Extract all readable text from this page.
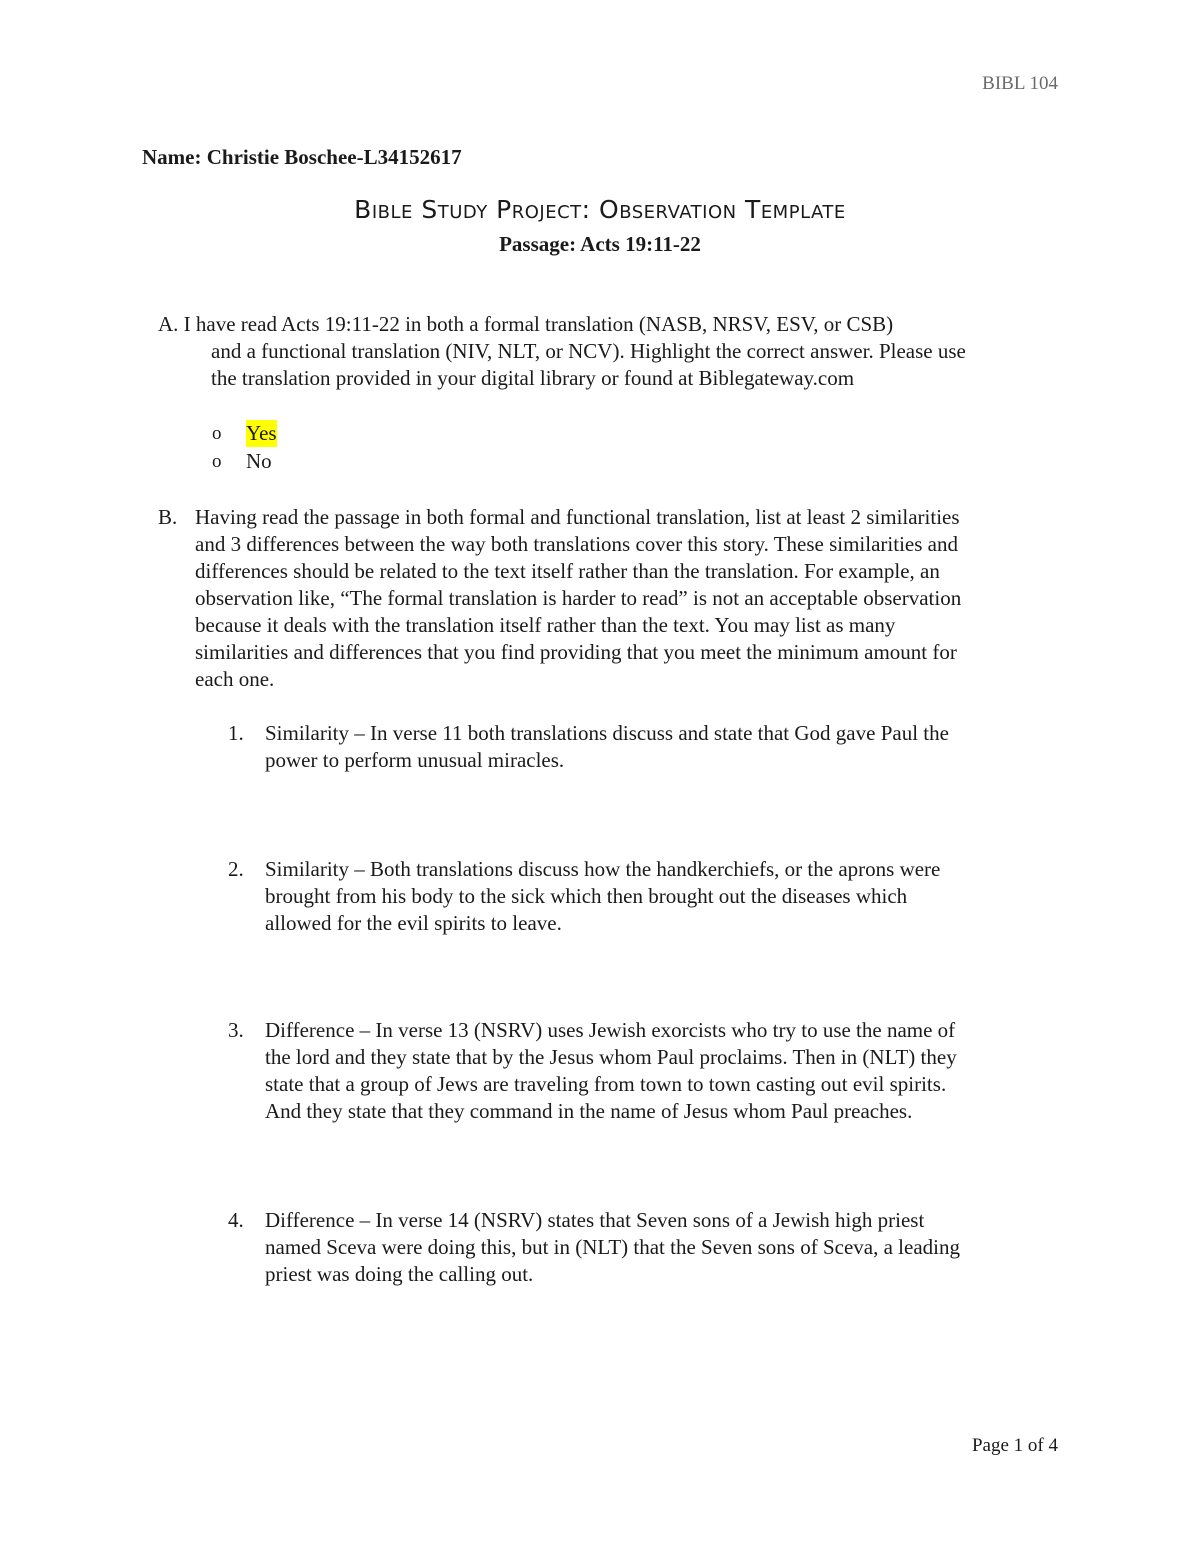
BIBL 104
Name: Christie Boschee-L34152617
Bible Study Project: Observation Template
Passage: Acts 19:11-22
A. I have read Acts 19:11-22 in both a formal translation (NASB, NRSV, ESV, or CSB)
and a functional translation (NIV, NLT, or NCV). Highlight the correct answer. Please use
the translation provided in your digital library or found at Biblegateway.com
o	Yes
o	No
B. Having read the passage in both formal and functional translation, list at least 2 similarities
and 3 differences between the way both translations cover this story. These similarities and
differences should be related to the text itself rather than the translation. For example, an
observation like, “The formal translation is harder to read” is not an acceptable observation
because it deals with the translation itself rather than the text. You may list as many
similarities and differences that you find providing that you meet the minimum amount for
each one.
1.	Similarity – In verse 11 both translations discuss and state that God gave Paul the
power to perform unusual miracles.
2.	Similarity – Both translations discuss how the handkerchiefs, or the aprons were
brought from his body to the sick which then brought out the diseases which
allowed for the evil spirits to leave.
3.	Difference – In verse 13 (NSRV) uses Jewish exorcists who try to use the name of
the lord and they state that by the Jesus whom Paul proclaims. Then in (NLT) they
state that a group of Jews are traveling from town to town casting out evil spirits.
And they state that they command in the name of Jesus whom Paul preaches.
4.	Difference – In verse 14 (NSRV) states that Seven sons of a Jewish high priest
named Sceva were doing this, but in (NLT) that the Seven sons of Sceva, a leading
priest was doing the calling out.
Page 1 of 4
